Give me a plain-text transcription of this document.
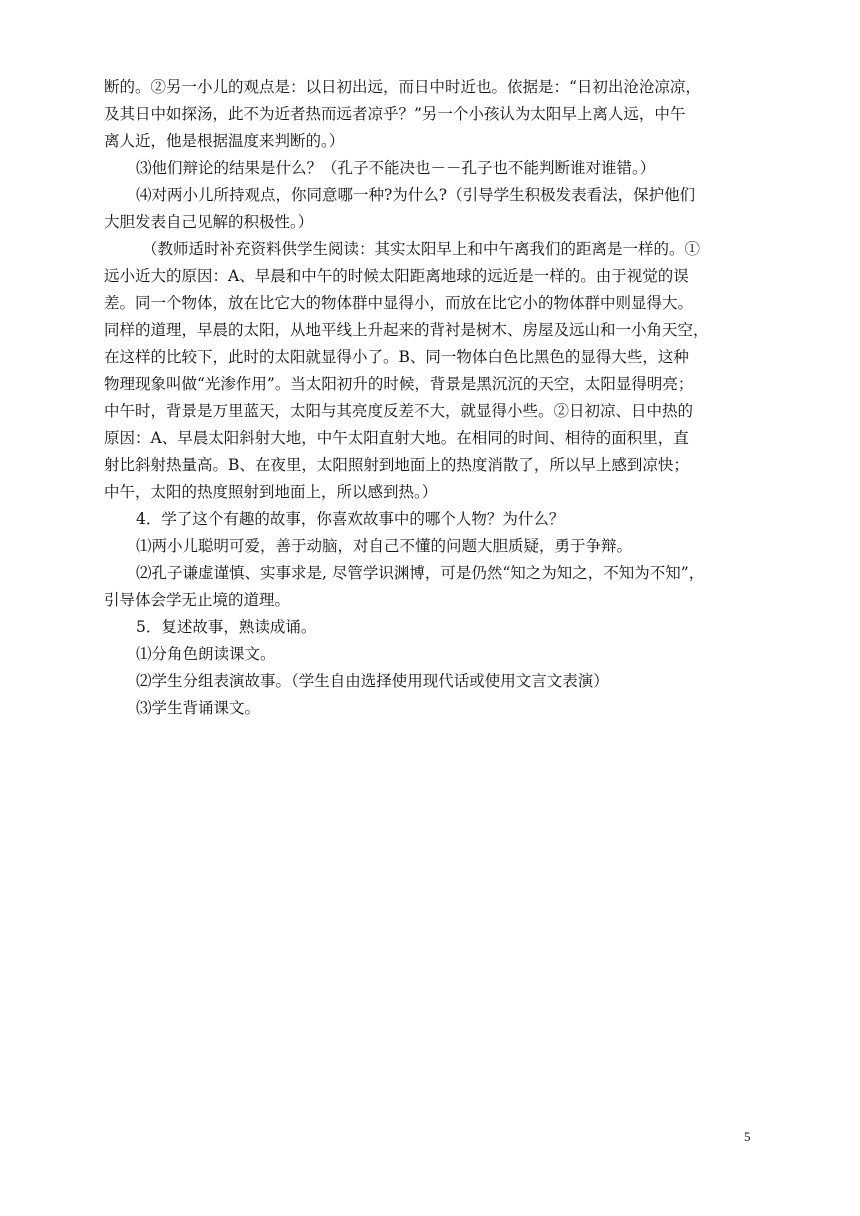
断的。②另一小儿的观点是：以日初出远，而日中时近也。依据是：“日初出沧沧凉凉，
及其日中如探汤，此不为近者热而远者凉乎？”另一个小孩认为太阳早上离人远，中午
离人近，他是根据温度来判断的。）
⑶他们辩论的结果是什么？（孔子不能决也－－孔子也不能判断谁对谁错。）
⑷对两小儿所持观点，你同意哪一种?为什么?（引导学生积极发表看法，保护他们
大胆发表自己见解的积极性。）
（教师适时补充资料供学生阅读：其实太阳早上和中午离我们的距离是一样的。①
远小近大的原因：A、早晨和中午的时候太阳距离地球的远近是一样的。由于视觉的误
差。同一个物体，放在比它大的物体群中显得小，而放在比它小的物体群中则显得大。
同样的道理，早晨的太阳，从地平线上升起来的背衬是树木、房屋及远山和一小角天空，
在这样的比较下，此时的太阳就显得小了。B、同一物体白色比黑色的显得大些，这种
物理现象叫做“光渗作用”。当太阳初升的时候，背景是黑沉沉的天空，太阳显得明亮；
中午时，背景是万里蓝天，太阳与其亮度反差不大，就显得小些。②日初凉、日中热的
原因：A、早晨太阳斜射大地，中午太阳直射大地。在相同的时间、相待的面积里，直
射比斜射热量高。B、在夜里，太阳照射到地面上的热度消散了，所以早上感到凉快；
中午，太阳的热度照射到地面上，所以感到热。）
4．学了这个有趣的故事，你喜欢故事中的哪个人物？为什么？
⑴两小儿聪明可爱，善于动脑，对自己不懂的问题大胆质疑，勇于争辩。
⑵孔子谦虚谨慎、实事求是, 尽管学识渊博，可是仍然“知之为知之，不知为不知”，
引导体会学无止境的道理。
5．复述故事，熟读成诵。
⑴分角色朗读课文。
⑵学生分组表演故事。（学生自由选择使用现代话或使用文言文表演）
⑶学生背诵课文。
5
